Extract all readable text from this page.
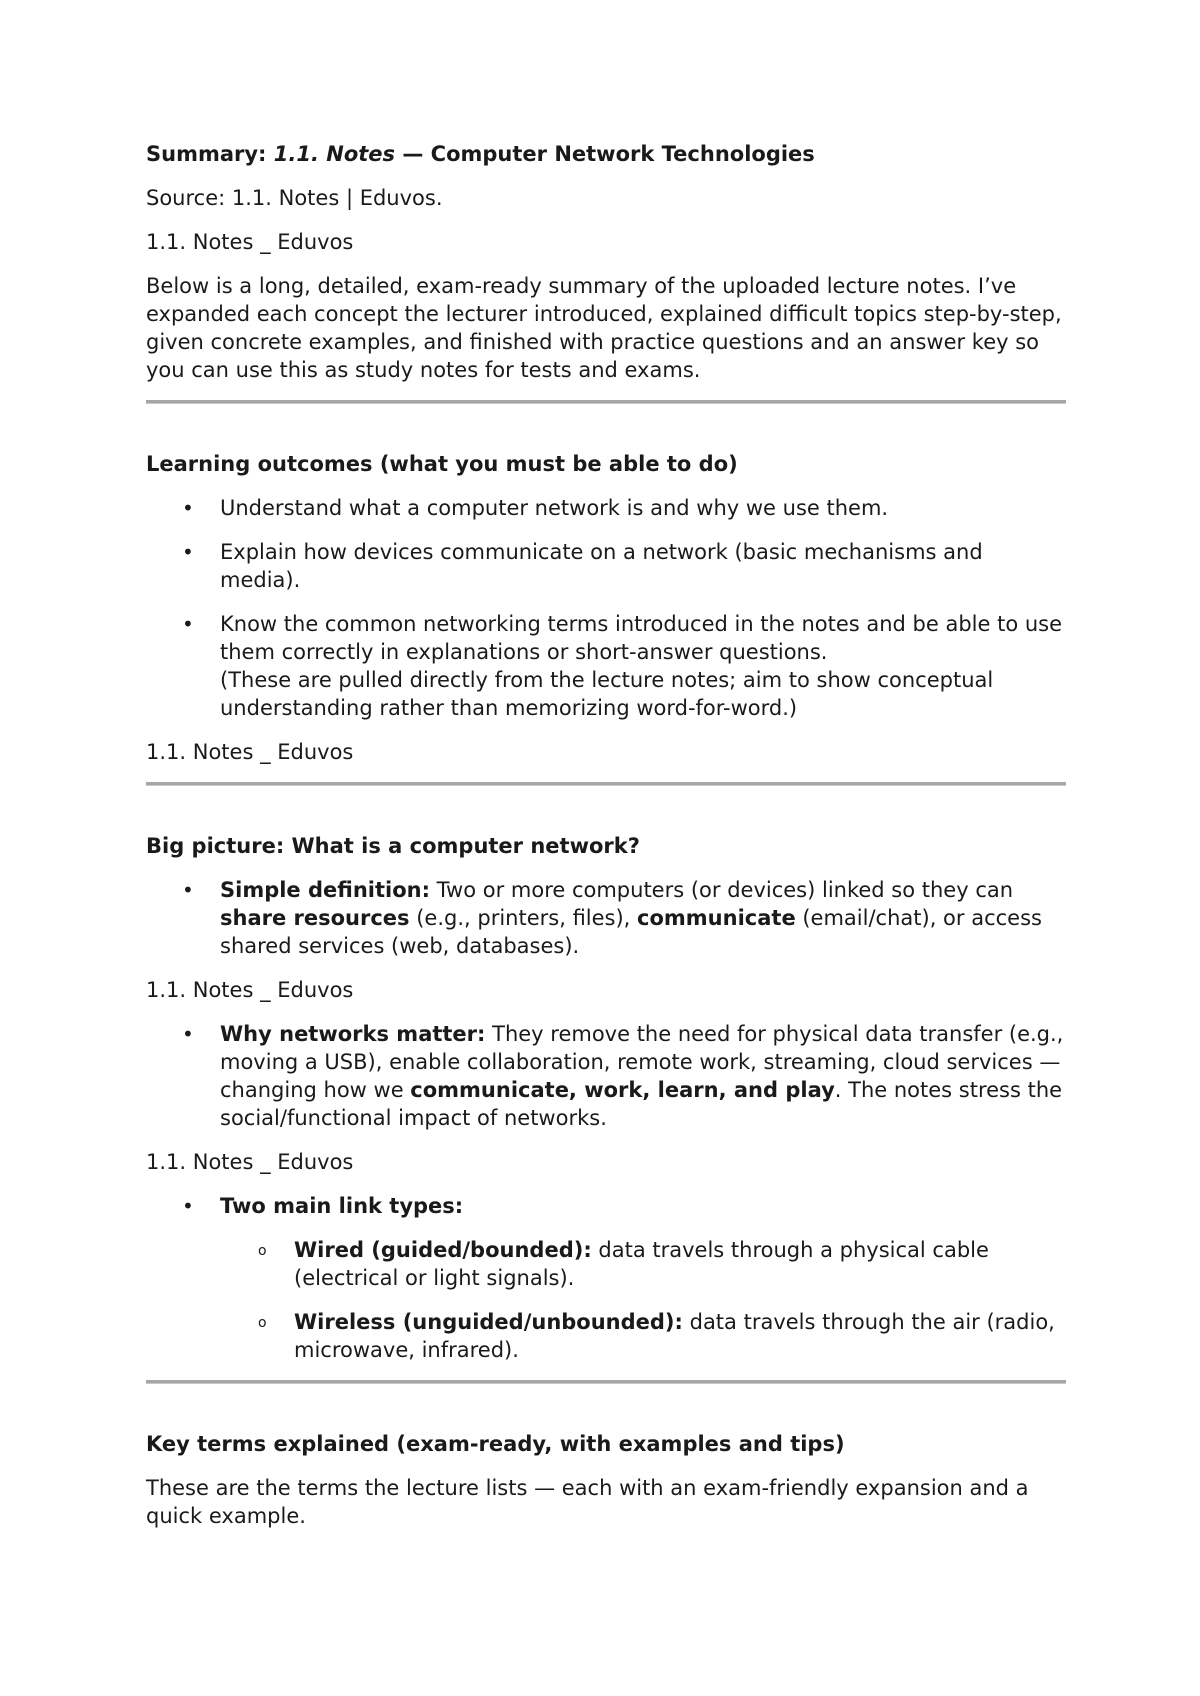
Summary: 1.1. Notes — Computer Network Technologies

Source: 1.1. Notes | Eduvos.

1.1. Notes _ Eduvos

Below is a long, detailed, exam-ready summary of the uploaded lecture notes. I’ve expanded each concept the lecturer introduced, explained difficult topics step-by-step, given concrete examples, and finished with practice questions and an answer key so you can use this as study notes for tests and exams.

Learning outcomes (what you must be able to do)

• Understand what a computer network is and why we use them.
• Explain how devices communicate on a network (basic mechanisms and media).
• Know the common networking terms introduced in the notes and be able to use them correctly in explanations or short-answer questions.
(These are pulled directly from the lecture notes; aim to show conceptual understanding rather than memorizing word-for-word.)

1.1. Notes _ Eduvos

Big picture: What is a computer network?

• Simple definition: Two or more computers (or devices) linked so they can share resources (e.g., printers, files), communicate (email/chat), or access shared services (web, databases).

1.1. Notes _ Eduvos

• Why networks matter: They remove the need for physical data transfer (e.g., moving a USB), enable collaboration, remote work, streaming, cloud services — changing how we communicate, work, learn, and play. The notes stress the social/functional impact of networks.

1.1. Notes _ Eduvos

• Two main link types:
o Wired (guided/bounded): data travels through a physical cable (electrical or light signals).
o Wireless (unguided/unbounded): data travels through the air (radio, microwave, infrared).

Key terms explained (exam-ready, with examples and tips)

These are the terms the lecture lists — each with an exam-friendly expansion and a quick example.
